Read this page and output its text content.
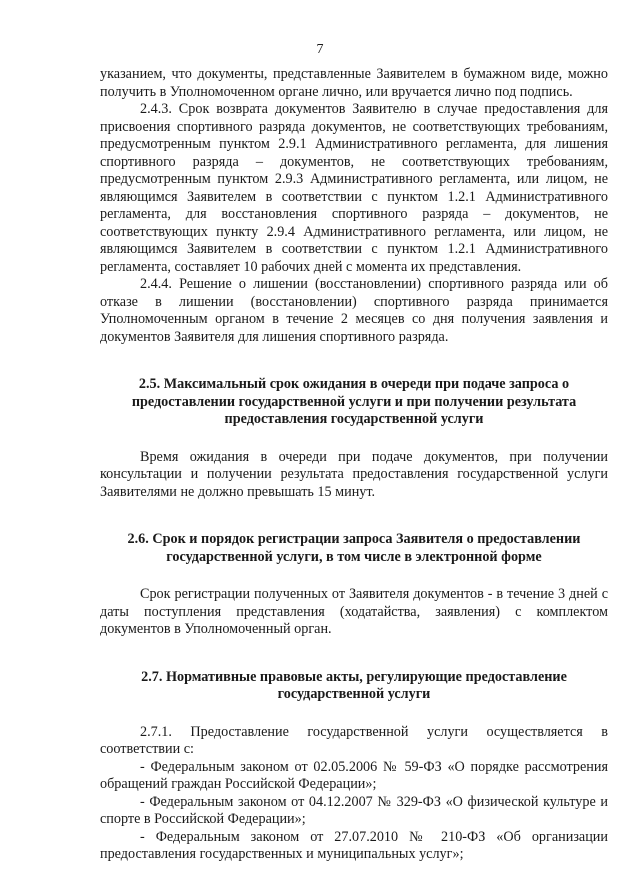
7

указанием, что документы, представленные Заявителем в бумажном виде, можно получить в Уполномоченном органе лично, или вручается лично под подпись.

2.4.3. Срок возврата документов Заявителю в случае предоставления для присвоения спортивного разряда документов, не соответствующих требованиям, предусмотренным пунктом 2.9.1 Административного регламента, для лишения спортивного разряда – документов, не соответствующих требованиям, предусмотренным пунктом 2.9.3 Административного регламента, или лицом, не являющимся Заявителем в соответствии с пунктом 1.2.1 Административного регламента, для восстановления спортивного разряда – документов, не соответствующих пункту 2.9.4 Административного регламента, или лицом, не являющимся Заявителем в соответствии с пунктом 1.2.1 Административного регламента, составляет 10 рабочих дней с момента их представления.

2.4.4. Решение о лишении (восстановлении) спортивного разряда или об отказе в лишении (восстановлении) спортивного разряда принимается Уполномоченным органом в течение 2 месяцев со дня получения заявления и документов Заявителя для лишения спортивного разряда.

2.5. Максимальный срок ожидания в очереди при подаче запроса о предоставлении государственной услуги и при получении результата предоставления государственной услуги

Время ожидания в очереди при подаче документов, при получении консультации и получении результата предоставления государственной услуги Заявителями не должно превышать 15 минут.

2.6. Срок и порядок регистрации запроса Заявителя о предоставлении государственной услуги, в том числе в электронной форме

Срок регистрации полученных от Заявителя документов - в течение 3 дней с даты поступления представления (ходатайства, заявления) с комплектом документов в Уполномоченный орган.

2.7. Нормативные правовые акты, регулирующие предоставление государственной услуги

2.7.1. Предоставление государственной услуги осуществляется в соответствии с:

- Федеральным законом от 02.05.2006 № 59-ФЗ «О порядке рассмотрения обращений граждан Российской Федерации»;

- Федеральным законом от 04.12.2007 № 329-ФЗ «О физической культуре и спорте в Российской Федерации»;

- Федеральным законом от 27.07.2010 № 210-ФЗ «Об организации предоставления государственных и муниципальных услуг»;
